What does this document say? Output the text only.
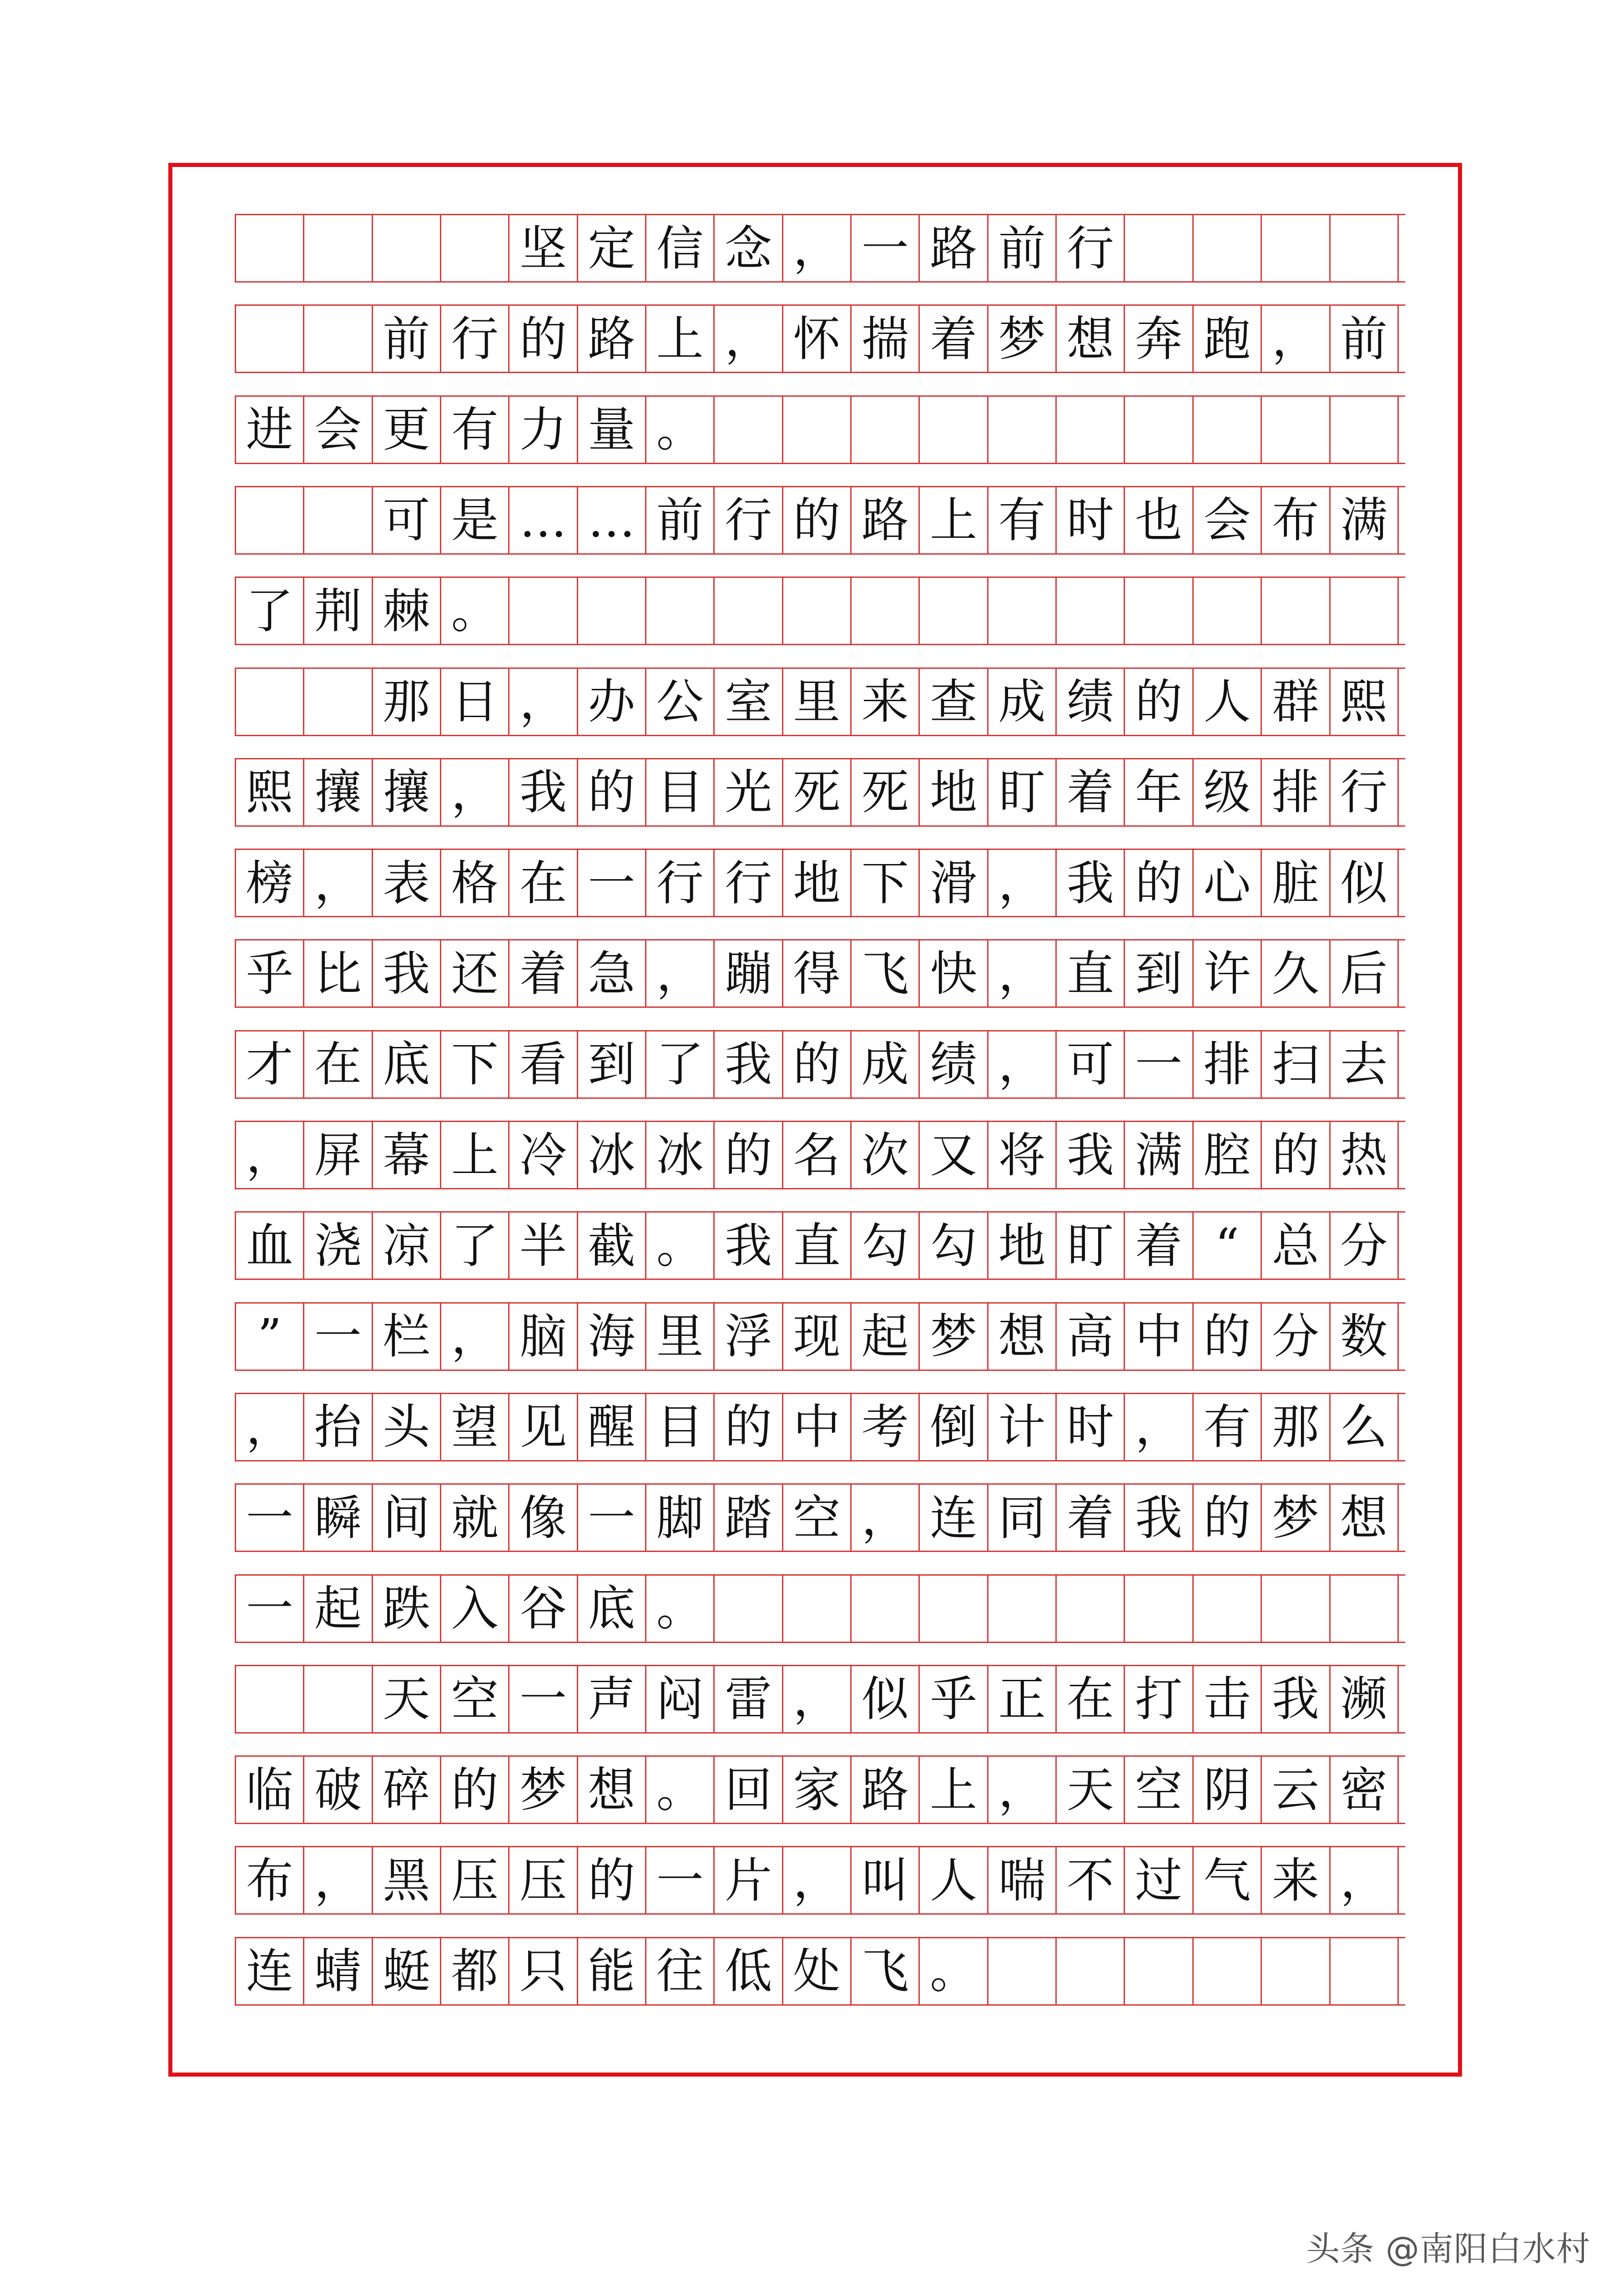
坚 定 信 念 ， 一 路 前 行
前 行 的 路 上 ， 怀 揣 着 梦 想 奔 跑 ， 前
进 会 更 有 力 量 。
可 是 … … 前 行 的 路 上 有 时 也 会 布 满
了 荆 棘 。
那 日 ， 办 公 室 里 来 查 成 绩 的 人 群 熙
熙 攘 攘 ， 我 的 目 光 死 死 地 盯 着 年 级 排 行
榜 ， 表 格 在 一 行 行 地 下 滑 ， 我 的 心 脏 似
乎 比 我 还 着 急 ， 蹦 得 飞 快 ， 直 到 许 久 后
才 在 底 下 看 到 了 我 的 成 绩 ， 可 一 排 扫 去
， 屏 幕 上 冷 冰 冰 的 名 次 又 将 我 满 腔 的 热
血 浇 凉 了 半 截 。 我 直 勾 勾 地 盯 着 “ 总 分
” 一 栏 ， 脑 海 里 浮 现 起 梦 想 高 中 的 分 数
， 抬 头 望 见 醒 目 的 中 考 倒 计 时 ， 有 那 么
一 瞬 间 就 像 一 脚 踏 空 ， 连 同 着 我 的 梦 想
一 起 跌 入 谷 底 。
天 空 一 声 闷 雷 ， 似 乎 正 在 打 击 我 濒
临 破 碎 的 梦 想 。 回 家 路 上 ， 天 空 阴 云 密
布 ， 黑 压 压 的 一 片 ， 叫 人 喘 不 过 气 来 ，
连 蜻 蜓 都 只 能 往 低 处 飞 。
头条 @南阳白水村
